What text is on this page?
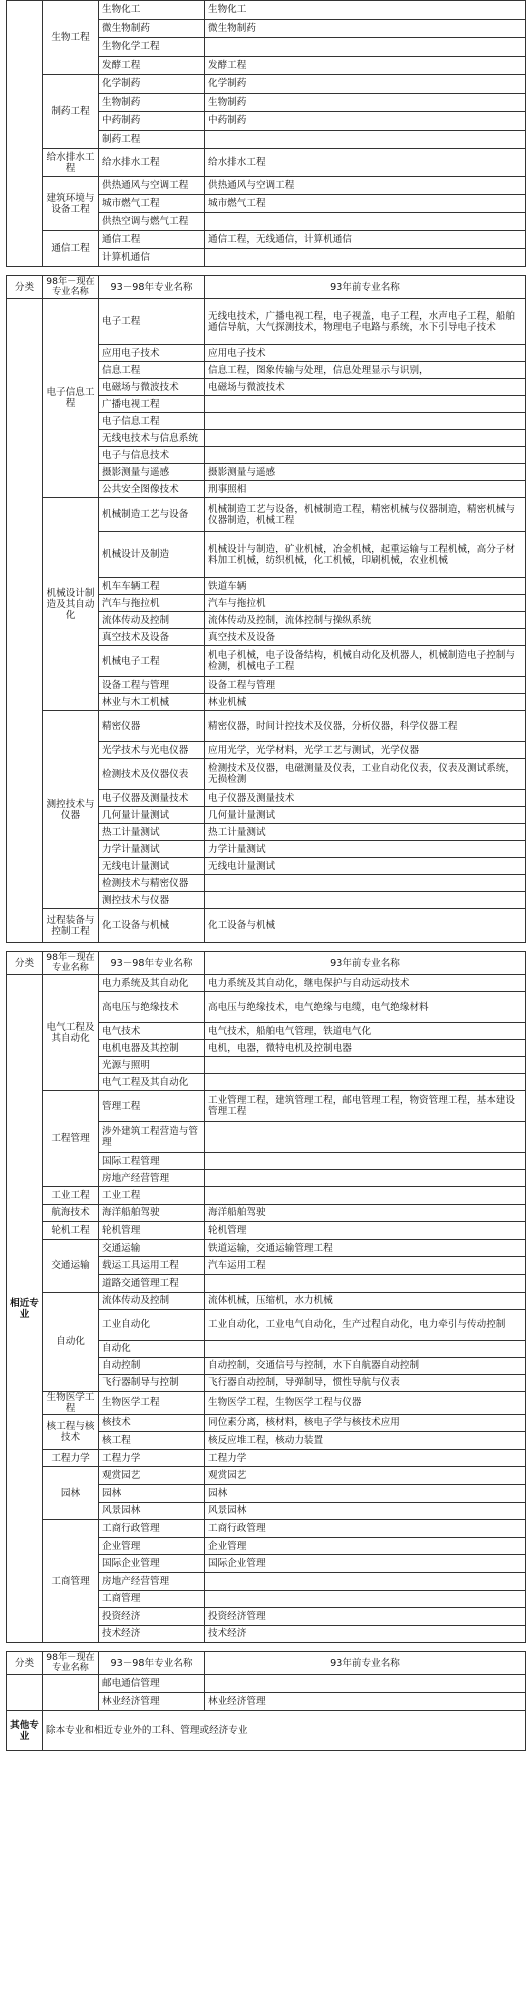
	生物工程	生物化工	生物化工
		微生物制药	微生物制药
		生物化学工程	
		发酵工程	发酵工程
	制药工程	化学制药	化学制药
		生物制药	生物制药
		中药制药	中药制药
		制药工程	
	给水排水工程	给水排水工程	给水排水工程
	建筑环境与设备工程	供热通风与空调工程	供热通风与空调工程
		城市燃气工程	城市燃气工程
		供热空调与燃气工程	
	通信工程	通信工程	通信工程，无线通信，计算机通信
		计算机通信	
分类	98年－现在专业名称	93－98年专业名称	93年前专业名称
	电子信息工程	电子工程	无线电技术，广播电视工程，电子视盖，电子工程，水声电子工程，船舶通信导航，大气探测技术，物理电子电路与系统，水下引导电子技术
		应用电子技术	应用电子技术
		信息工程	信息工程，图象传输与处理，信息处理显示与识别，
		电磁场与微波技术	电磁场与微波技术
		广播电视工程	
		电子信息工程	
		无线电技术与信息系统	
		电子与信息技术	
		摄影测量与遥感	摄影测量与遥感
		公共安全图像技术	刑事照相
	机械设计制造及其自动化	机械制造工艺与设备	机械制造工艺与设备，机械制造工程，精密机械与仪器制造，精密机械与仪器制造，机械工程
		机械设计及制造	机械设计与制造，矿业机械，冶金机械，起重运输与工程机械，高分子材料加工机械，纺织机械，化工机械，印刷机械，农业机械
		机车车辆工程	铁道车辆
		汽车与拖拉机	汽车与拖拉机
		流体传动及控制	流体传动及控制，流体控制与操纵系统
		真空技术及设备	真空技术及设备
		机械电子工程	机电子机械，电子设备结构，机械自动化及机器人，机械制造电子控制与检测，机械电子工程
		设备工程与管理	设备工程与管理
		林业与木工机械	林业机械
	测控技术与仪器	精密仪器	精密仪器，时间计控技术及仪器，分析仪器，科学仪器工程
		光学技术与光电仪器	应用光学，光学材料，光学工艺与测试，光学仪器
		检测技术及仪器仪表	检测技术及仪器，电磁测量及仪表，工业自动化仪表，仪表及测试系统，无损检测
		电子仪器及测量技术	电子仪器及测量技术
		几何量计量测试	几何量计量测试
		热工计量测试	热工计量测试
		力学计量测试	力学计量测试
		无线电计量测试	无线电计量测试
		检测技术与精密仪器	
		测控技术与仪器	
	过程装备与控制工程	化工设备与机械	化工设备与机械
分类	98年－现在专业名称	93－98年专业名称	93年前专业名称
相近专业	电气工程及其自动化	电力系统及其自动化	电力系统及其自动化，继电保护与自动远动技术
		高电压与绝缘技术	高电压与绝缘技术，电气绝缘与电缆，电气绝缘材料
		电气技术	电气技术，船舶电气管理，铁道电气化
		电机电器及其控制	电机，电器，微特电机及控制电器
		光源与照明	
		电气工程及其自动化	
	工程管理	管理工程	工业管理工程，建筑管理工程，邮电管理工程，物资管理工程，基本建设管理工程
		涉外建筑工程营造与管理	
		国际工程管理	
		房地产经营管理	
	工业工程	工业工程	
	航海技术	海洋船舶驾驶	海洋船舶驾驶
	轮机工程	轮机管理	轮机管理
	交通运输	交通运输	铁道运输，交通运输管理工程
		载运工具运用工程	汽车运用工程
		道路交通管理工程	
	自动化	流体传动及控制	流体机械，压缩机，水力机械
		工业自动化	工业自动化，工业电气自动化，生产过程自动化，电力牵引与传动控制
		自动化	
		自动控制	自动控制，交通信号与控制，水下自航器自动控制
		飞行器制导与控制	飞行器自动控制，导弹制导，惯性导航与仪表
	生物医学工程	生物医学工程	生物医学工程，生物医学工程与仪器
	核工程与核技术	核技术	同位素分离，核材料，核电子学与核技术应用
		核工程	核反应堆工程，核动力装置
	工程力学	工程力学	工程力学
	园林	观赏园艺	观赏园艺
		园林	园林
		风景园林	风景园林
	工商管理	工商行政管理	工商行政管理
		企业管理	企业管理
		国际企业管理	国际企业管理
		房地产经营管理	
		工商管理	
		投资经济	投资经济管理
		技术经济	技术经济
分类	98年－现在专业名称	93－98年专业名称	93年前专业名称
		邮电通信管理	
		林业经济管理	林业经济管理
其他专业	除本专业和相近专业外的工科、管理或经济专业		
